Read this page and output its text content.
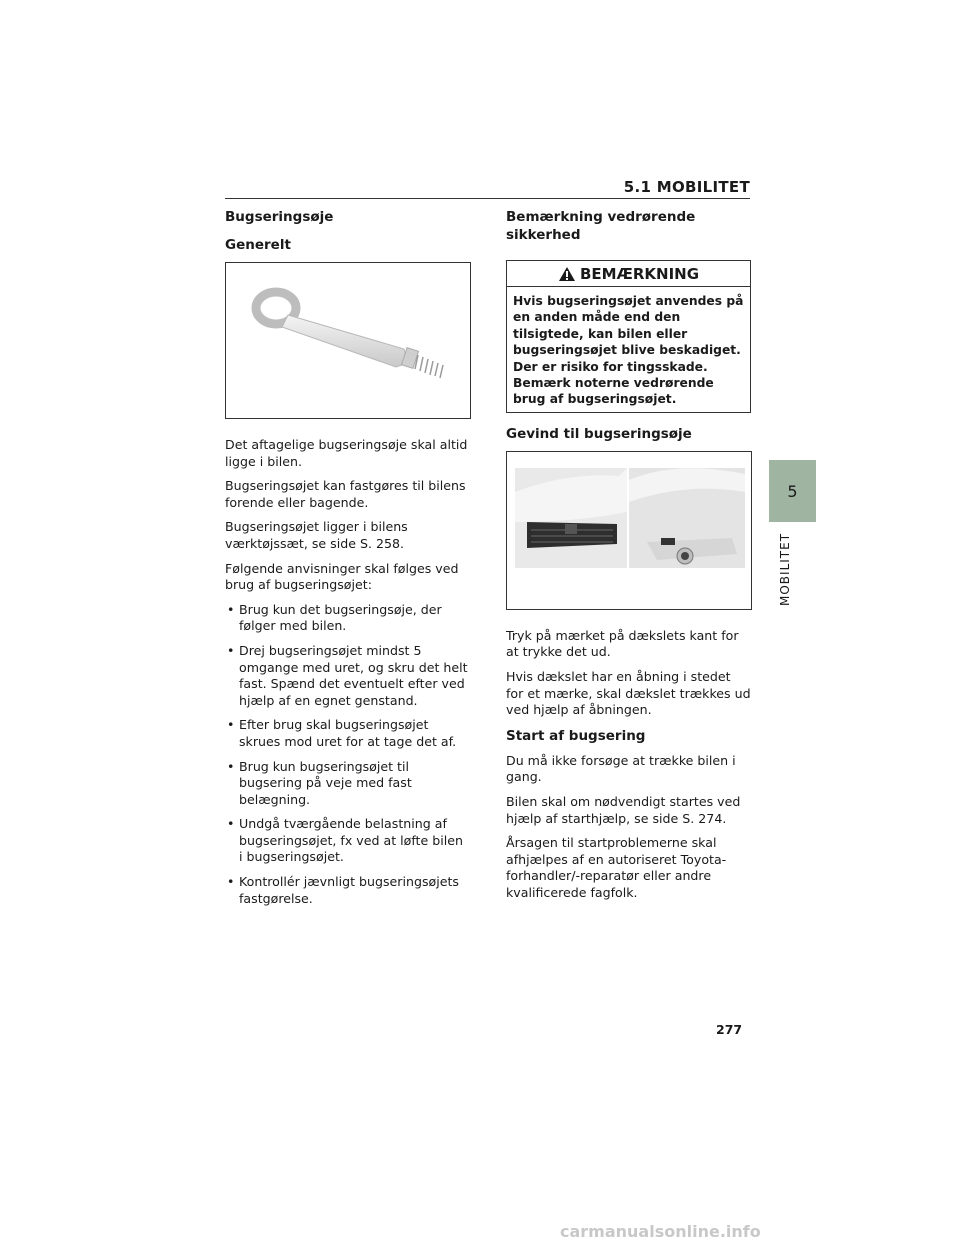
5.1 MOBILITET
Bugseringsøje
Generelt

Det aftagelige bugseringsøje skal altid ligge i bilen.

Bugseringsøjet kan fastgøres til bilens forende eller bagende.

Bugseringsøjet ligger i bilens værktøjssæt, se side S. 258.

Følgende anvisninger skal følges ved brug af bugseringsøjet:

• Brug kun det bugseringsøje, der følger med bilen.
• Drej bugseringsøjet mindst 5 omgange med uret, og skru det helt fast. Spænd det eventuelt efter ved hjælp af en egnet genstand.
• Efter brug skal bugseringsøjet skrues mod uret for at tage det af.
• Brug kun bugseringsøjet til bugsering på veje med fast belægning.
• Undgå tværgående belastning af bugseringsøjet, fx ved at løfte bilen i bugseringsøjet.
• Kontrollér jævnligt bugseringsøjets fastgørelse.
Bemærkning vedrørende sikkerhed
BEMÆRKNING
Hvis bugseringsøjet anvendes på en anden måde end den tilsigtede, kan bilen eller bugseringsøjet blive beskadiget. Der er risiko for tingsskade. Bemærk noterne vedrørende brug af bugseringsøjet.
Gevind til bugseringsøje

Tryk på mærket på dækslets kant for at trykke det ud.

Hvis dækslet har en åbning i stedet for et mærke, skal dækslet trækkes ud ved hjælp af åbningen.

Start af bugsering

Du må ikke forsøge at trække bilen i gang.

Bilen skal om nødvendigt startes ved hjælp af starthjælp, se side S. 274.

Årsagen til startproblemerne skal afhjælpes af en autoriseret Toyota-forhandler/-reparatør eller andre kvalificerede fagfolk.

5
MOBILITET
277
carmanualsonline.info
